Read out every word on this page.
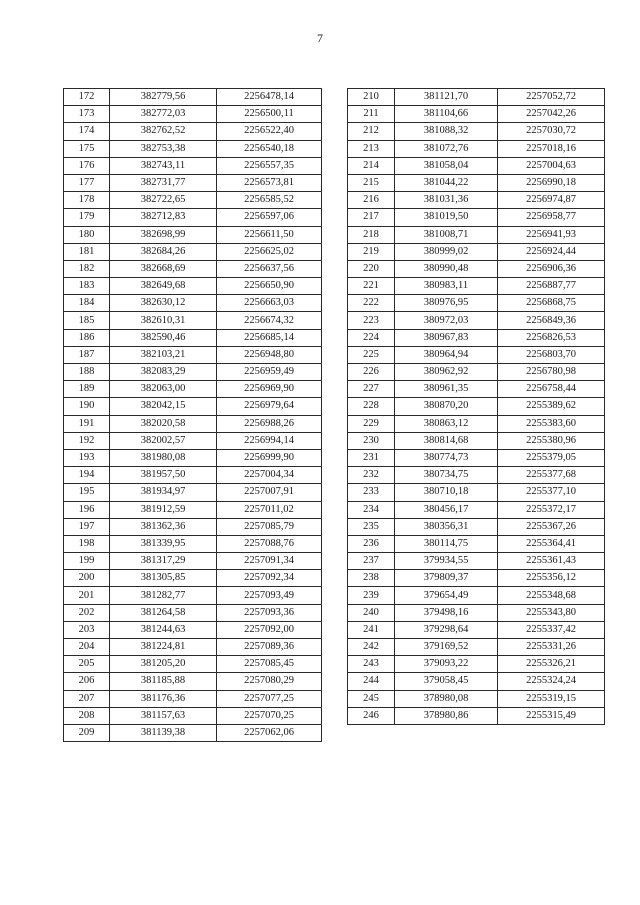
7
172	382779,56	2256478,14
173	382772,03	2256500,11
174	382762,52	2256522,40
175	382753,38	2256540,18
176	382743,11	2256557,35
177	382731,77	2256573,81
178	382722,65	2256585,52
179	382712,83	2256597,06
180	382698,99	2256611,50
181	382684,26	2256625,02
182	382668,69	2256637,56
183	382649,68	2256650,90
184	382630,12	2256663,03
185	382610,31	2256674,32
186	382590,46	2256685,14
187	382103,21	2256948,80
188	382083,29	2256959,49
189	382063,00	2256969,90
190	382042,15	2256979,64
191	382020,58	2256988,26
192	382002,57	2256994,14
193	381980,08	2256999,90
194	381957,50	2257004,34
195	381934,97	2257007,91
196	381912,59	2257011,02
197	381362,36	2257085,79
198	381339,95	2257088,76
199	381317,29	2257091,34
200	381305,85	2257092,34
201	381282,77	2257093,49
202	381264,58	2257093,36
203	381244,63	2257092,00
204	381224,81	2257089,36
205	381205,20	2257085,45
206	381185,88	2257080,29
207	381176,36	2257077,25
208	381157,63	2257070,25
209	381139,38	2257062,06
210	381121,70	2257052,72
211	381104,66	2257042,26
212	381088,32	2257030,72
213	381072,76	2257018,16
214	381058,04	2257004,63
215	381044,22	2256990,18
216	381031,36	2256974,87
217	381019,50	2256958,77
218	381008,71	2256941,93
219	380999,02	2256924,44
220	380990,48	2256906,36
221	380983,11	2256887,77
222	380976,95	2256868,75
223	380972,03	2256849,36
224	380967,83	2256826,53
225	380964,94	2256803,70
226	380962,92	2256780,98
227	380961,35	2256758,44
228	380870,20	2255389,62
229	380863,12	2255383,60
230	380814,68	2255380,96
231	380774,73	2255379,05
232	380734,75	2255377,68
233	380710,18	2255377,10
234	380456,17	2255372,17
235	380356,31	2255367,26
236	380114,75	2255364,41
237	379934,55	2255361,43
238	379809,37	2255356,12
239	379654,49	2255348,68
240	379498,16	2255343,80
241	379298,64	2255337,42
242	379169,52	2255331,26
243	379093,22	2255326,21
244	379058,45	2255324,24
245	378980,08	2255319,15
246	378980,86	2255315,49
